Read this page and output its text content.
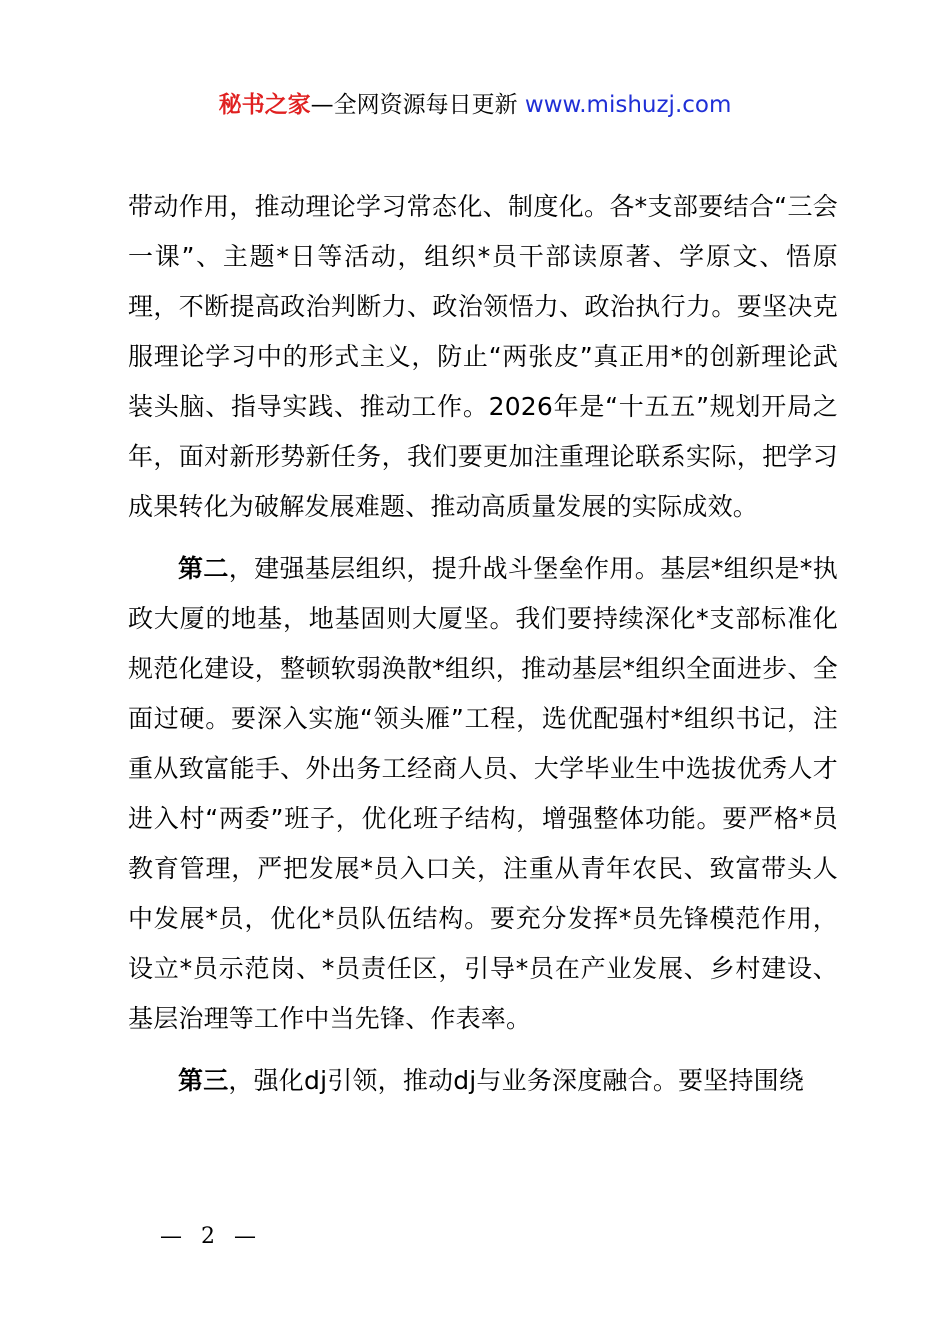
秘书之家—全网资源每日更新 www.mishuzj.com

带动作用，推动理论学习常态化、制度化。各*支部要结合“三会一课”、主题*日等活动，组织*员干部读原著、学原文、悟原理，不断提高政治判断力、政治领悟力、政治执行力。要坚决克服理论学习中的形式主义，防止“两张皮”真正用*的创新理论武装头脑、指导实践、推动工作。2026年是“十五五”规划开局之年，面对新形势新任务，我们要更加注重理论联系实际，把学习成果转化为破解发展难题、推动高质量发展的实际成效。

第二，建强基层组织，提升战斗堡垒作用。基层*组织是*执政大厦的地基，地基固则大厦坚。我们要持续深化*支部标准化规范化建设，整顿软弱涣散*组织，推动基层*组织全面进步、全面过硬。要深入实施“领头雁”工程，选优配强村*组织书记，注重从致富能手、外出务工经商人员、大学毕业生中选拔优秀人才进入村“两委”班子，优化班子结构，增强整体功能。要严格*员教育管理，严把发展*员入口关，注重从青年农民、致富带头人中发展*员，优化*员队伍结构。要充分发挥*员先锋模范作用，设立*员示范岗、*员责任区，引导*员在产业发展、乡村建设、基层治理等工作中当先锋、作表率。

第三，强化dj引领，推动dj与业务深度融合。要坚持围绕

— 2 —
